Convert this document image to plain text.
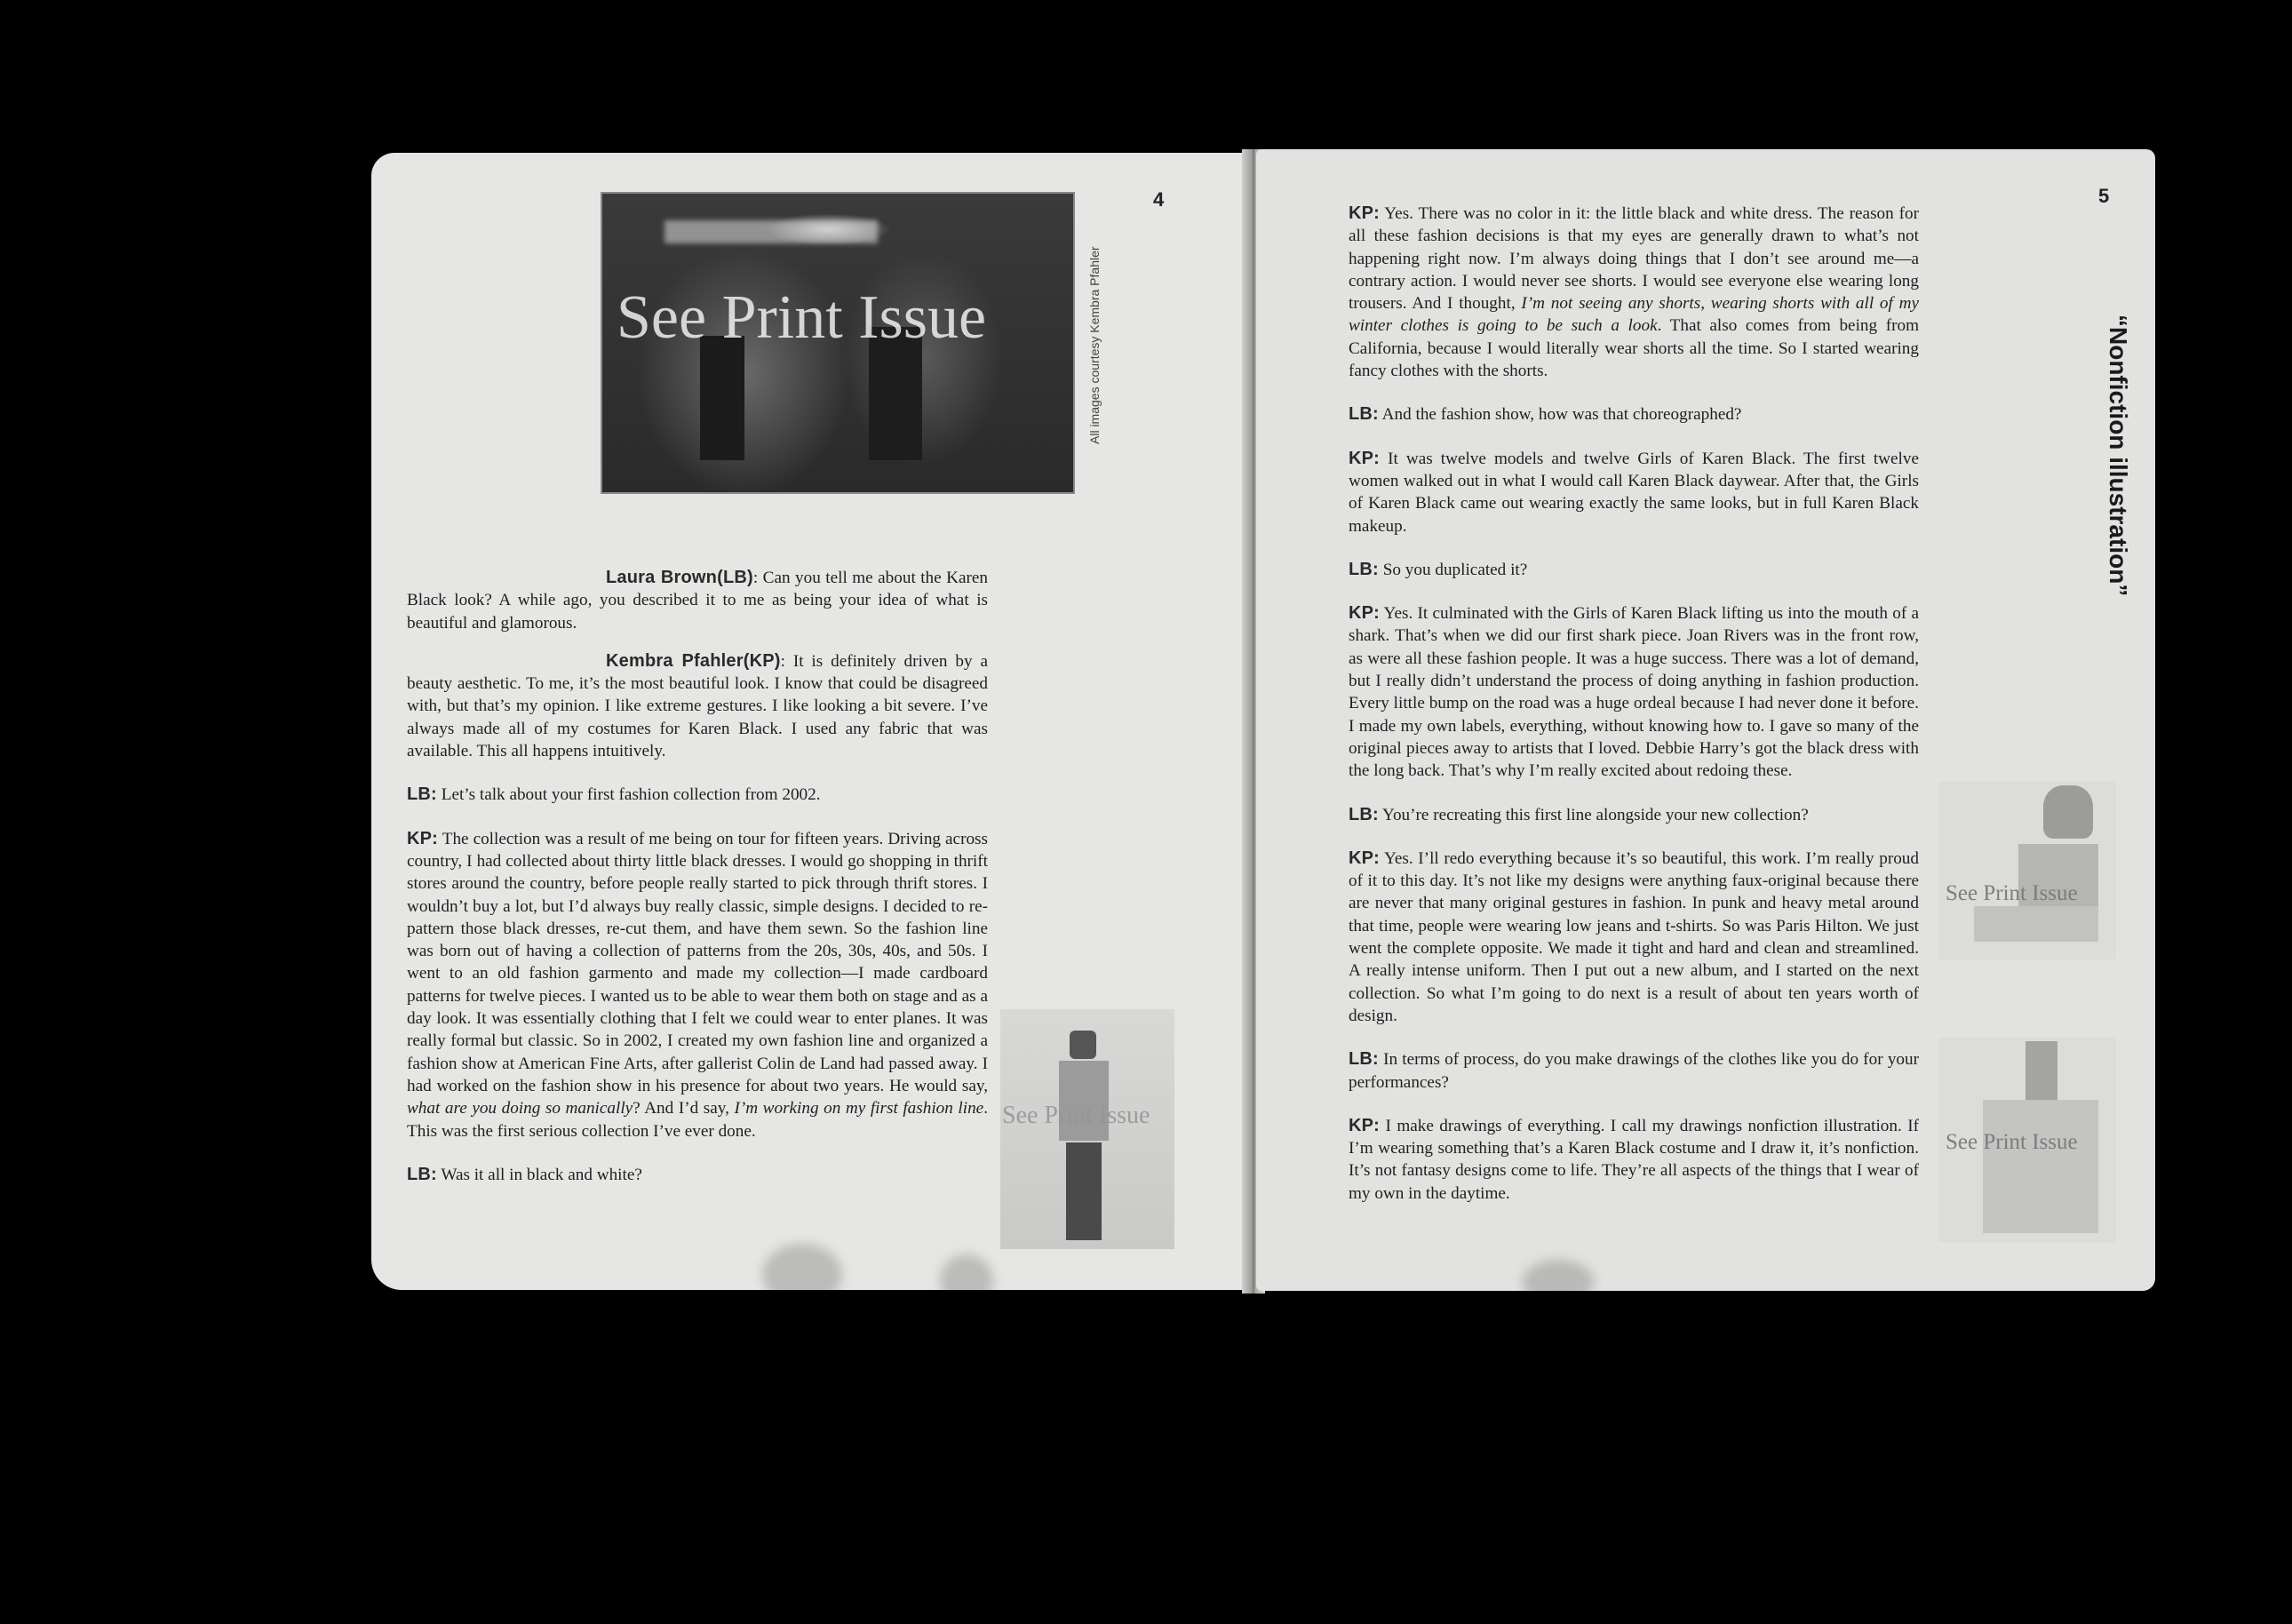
4
See Print Issue	All images courtesy Kembra Pfahler
See Print Issue

Laura Brown(LB): Can you tell me about the Karen Black look? A while ago, you described it to me as being your idea of what is beautiful and glamorous.

Kembra Pfahler(KP): It is definitely driven by a beauty aesthetic. To me, it’s the most beautiful look. I know that could be disagreed with, but that’s my opinion. I like extreme gestures. I like looking a bit severe. I’ve always made all of my costumes for Karen Black. I used any fabric that was available. This all happens intuitively.

LB: Let’s talk about your first fashion collection from 2002.

KP: The collection was a result of me being on tour for fifteen years. Driving across country, I had collected about thirty little black dresses. I would go shopping in thrift stores around the country, before people really started to pick through thrift stores. I wouldn’t buy a lot, but I’d always buy really classic, simple designs. I decided to re-pattern those black dresses, re-cut them, and have them sewn. So the fashion line was born out of having a collection of patterns from the 20s, 30s, 40s, and 50s. I went to an old fashion garmento and made my collection—I made cardboard patterns for twelve pieces. I wanted us to be able to wear them both on stage and as a day look. It was essentially clothing that I felt we could wear to enter planes. It was really formal but classic. So in 2002, I created my own fashion line and organized a fashion show at American Fine Arts, after gallerist Colin de Land had passed away. I had worked on the fashion show in his presence for about two years. He would say, what are you doing so manically? And I’d say, I’m working on my first fashion line. This was the first serious collection I’ve ever done.

LB: Was it all in black and white?

5
“Nonfiction illustration”
See Print Issue
See Print Issue

KP: Yes. There was no color in it: the little black and white dress. The reason for all these fashion decisions is that my eyes are generally drawn to what’s not happening right now. I’m always doing things that I don’t see around me—a contrary action. I would never see shorts. I would see everyone else wearing long trousers. And I thought, I’m not seeing any shorts, wearing shorts with all of my winter clothes is going to be such a look. That also comes from being from California, because I would literally wear shorts all the time. So I started wearing fancy clothes with the shorts.

LB: And the fashion show, how was that choreographed?

KP: It was twelve models and twelve Girls of Karen Black. The first twelve women walked out in what I would call Karen Black daywear. After that, the Girls of Karen Black came out wearing exactly the same looks, but in full Karen Black makeup.

LB: So you duplicated it?

KP: Yes. It culminated with the Girls of Karen Black lifting us into the mouth of a shark. That’s when we did our first shark piece. Joan Rivers was in the front row, as were all these fashion people. It was a huge success. There was a lot of demand, but I really didn’t understand the process of doing anything in fashion production. Every little bump on the road was a huge ordeal because I had never done it before. I made my own labels, everything, without knowing how to. I gave so many of the original pieces away to artists that I loved. Debbie Harry’s got the black dress with the long back. That’s why I’m really excited about redoing these.

LB: You’re recreating this first line alongside your new collection?

KP: Yes. I’ll redo everything because it’s so beautiful, this work. I’m really proud of it to this day. It’s not like my designs were anything faux-original because there are never that many original gestures in fashion. In punk and heavy metal around that time, people were wearing low jeans and t-shirts. So was Paris Hilton. We just went the complete opposite. We made it tight and hard and clean and streamlined. A really intense uniform. Then I put out a new album, and I started on the next collection. So what I’m going to do next is a result of about ten years worth of design.

LB: In terms of process, do you make drawings of the clothes like you do for your performances?

KP: I make drawings of everything. I call my drawings nonfiction illustration. If I’m wearing something that’s a Karen Black costume and I draw it, it’s nonfiction. It’s not fantasy designs come to life. They’re all aspects of the things that I wear of my own in the daytime.
